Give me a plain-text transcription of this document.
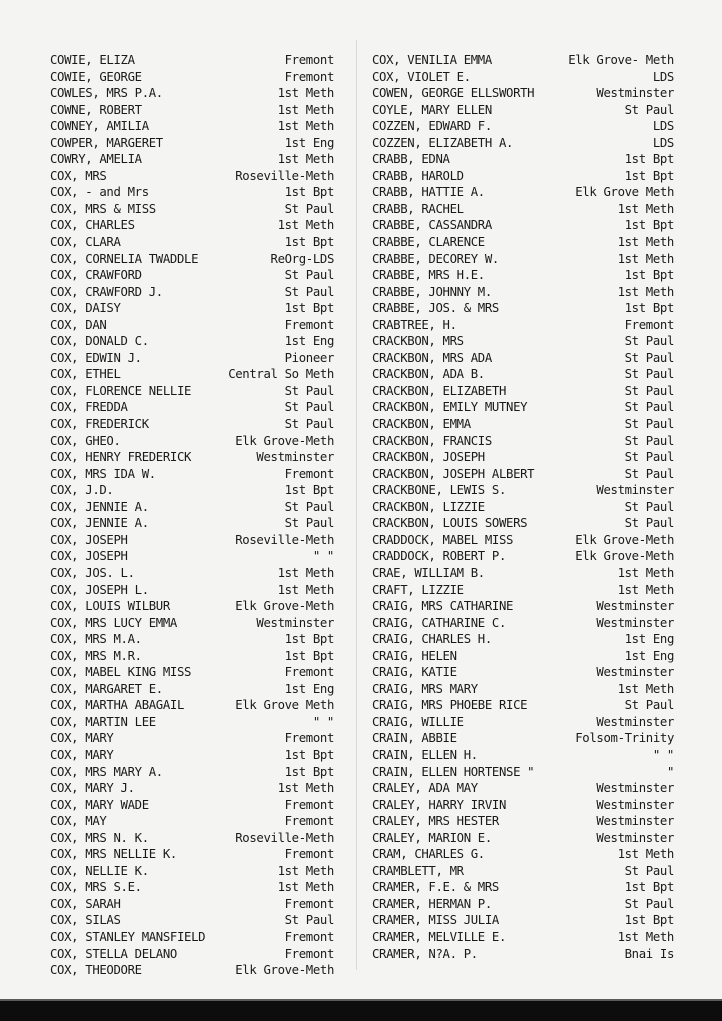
COWIE, ELIZA	Fremont
COWIE, GEORGE	Fremont
COWLES, MRS P.A.	1st Meth
COWNE, ROBERT	1st Meth
COWNEY, AMILIA	1st Meth
COWPER, MARGERET	1st Eng
COWRY, AMELIA	1st Meth
COX, MRS	Roseville-Meth
COX, - and Mrs	1st Bpt
COX, MRS & MISS	St Paul
COX, CHARLES	1st Meth
COX, CLARA	1st Bpt
COX, CORNELIA TWADDLE	ReOrg-LDS
COX, CRAWFORD	St Paul
COX, CRAWFORD J.	St Paul
COX, DAISY	1st Bpt
COX, DAN	Fremont
COX, DONALD C.	1st Eng
COX, EDWIN J.	Pioneer
COX, ETHEL	Central So Meth
COX, FLORENCE NELLIE	St Paul
COX, FREDDA	St Paul
COX, FREDERICK	St Paul
COX, GHEO.	Elk Grove-Meth
COX, HENRY FREDERICK	Westminster
COX, MRS IDA W.	Fremont
COX, J.D.	1st Bpt
COX, JENNIE A.	St Paul
COX, JENNIE A.	St Paul
COX, JOSEPH	Roseville-Meth
COX, JOSEPH	" "
COX, JOS. L.	1st Meth
COX, JOSEPH L.	1st Meth
COX, LOUIS WILBUR	Elk Grove-Meth
COX, MRS LUCY EMMA	Westminster
COX, MRS M.A.	1st Bpt
COX, MRS M.R.	1st Bpt
COX, MABEL KING MISS	Fremont
COX, MARGARET E.	1st Eng
COX, MARTHA ABAGAIL	Elk Grove Meth
COX, MARTIN LEE	" "
COX, MARY	Fremont
COX, MARY	1st Bpt
COX, MRS MARY A.	1st Bpt
COX, MARY J.	1st Meth
COX, MARY WADE	Fremont
COX, MAY	Fremont
COX, MRS N. K.	Roseville-Meth
COX, MRS NELLIE K.	Fremont
COX, NELLIE K.	1st Meth
COX, MRS S.E.	1st Meth
COX, SARAH	Fremont
COX, SILAS	St Paul
COX, STANLEY MANSFIELD	Fremont
COX, STELLA DELANO	Fremont
COX, THEODORE	Elk Grove-Meth
COX, VENILIA EMMA	Elk Grove- Meth
COX, VIOLET E.	LDS
COWEN, GEORGE ELLSWORTH	Westminster
COYLE, MARY ELLEN	St Paul
COZZEN, EDWARD F.	LDS
COZZEN, ELIZABETH A.	LDS
CRABB, EDNA	1st Bpt
CRABB, HAROLD	1st Bpt
CRABB, HATTIE A.	Elk Grove Meth
CRABB, RACHEL	1st Meth
CRABBE, CASSANDRA	1st Bpt
CRABBE, CLARENCE	1st Meth
CRABBE, DECOREY W.	1st Meth
CRABBE, MRS H.E.	1st Bpt
CRABBE, JOHNNY M.	1st Meth
CRABBE, JOS. & MRS	1st Bpt
CRABTREE, H.	Fremont
CRACKBON, MRS	St Paul
CRACKBON, MRS ADA	St Paul
CRACKBON, ADA B.	St Paul
CRACKBON, ELIZABETH	St Paul
CRACKBON, EMILY MUTNEY	St Paul
CRACKBON, EMMA	St Paul
CRACKBON, FRANCIS	St Paul
CRACKBON, JOSEPH	St Paul
CRACKBON, JOSEPH ALBERT	St Paul
CRACKBONE, LEWIS S.	Westminster
CRACKBON, LIZZIE	St Paul
CRACKBON, LOUIS SOWERS	St Paul
CRADDOCK, MABEL MISS	Elk Grove-Meth
CRADDOCK, ROBERT P.	Elk Grove-Meth
CRAE, WILLIAM B.	1st Meth
CRAFT, LIZZIE	1st Meth
CRAIG, MRS CATHARINE	Westminster
CRAIG, CATHARINE C.	Westminster
CRAIG, CHARLES H.	1st Eng
CRAIG, HELEN	1st Eng
CRAIG, KATIE	Westminster
CRAIG, MRS MARY	1st Meth
CRAIG, MRS PHOEBE RICE	St Paul
CRAIG, WILLIE	Westminster
CRAIN, ABBIE	Folsom-Trinity
CRAIN, ELLEN H.	" "
CRAIN, ELLEN HORTENSE "	"
CRALEY, ADA MAY	Westminster
CRALEY, HARRY IRVIN	Westminster
CRALEY, MRS HESTER	Westminster
CRALEY, MARION E.	Westminster
CRAM, CHARLES G.	1st Meth
CRAMBLETT, MR	St Paul
CRAMER, F.E. & MRS	1st Bpt
CRAMER, HERMAN P.	St Paul
CRAMER, MISS JULIA	1st Bpt
CRAMER, MELVILLE E.	1st Meth
CRAMER, N?A. P.	Bnai Is
